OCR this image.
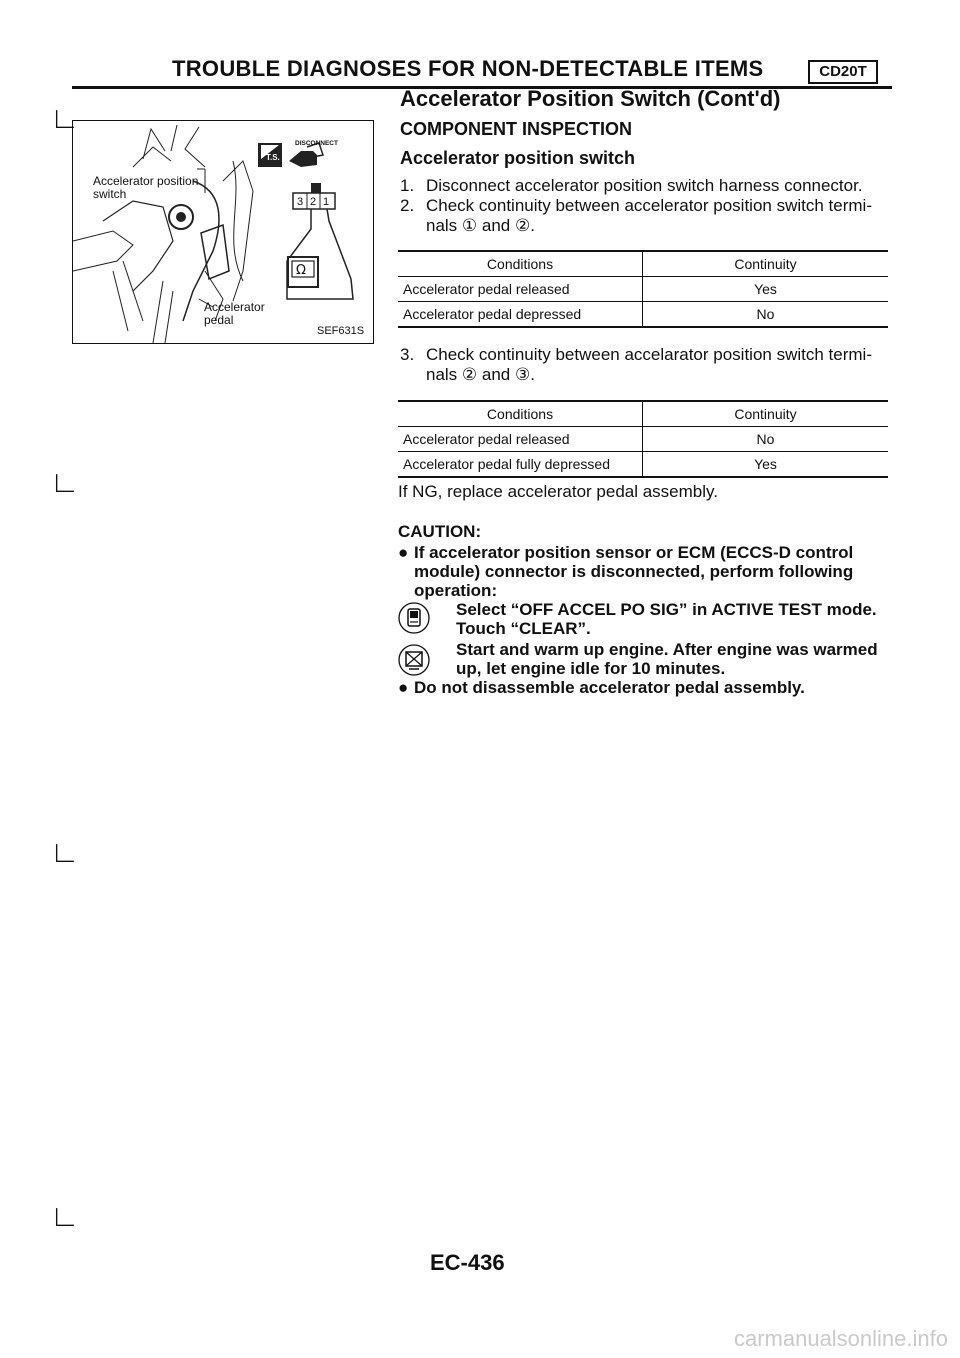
TROUBLE DIAGNOSES FOR NON-DETECTABLE ITEMS	CD20T
Accelerator Position Switch (Cont'd)
COMPONENT INSPECTION
Accelerator position switch
1. Disconnect accelerator position switch harness connector.
2. Check continuity between accelerator position switch termi-
nals ① and ②.
Conditions	Continuity
Accelerator pedal released	Yes
Accelerator pedal depressed	No
3. Check continuity between accelarator position switch termi-
nals ② and ③.
Conditions	Continuity
Accelerator pedal released	No
Accelerator pedal fully depressed	Yes
If NG, replace accelerator pedal assembly.
CAUTION:
● If accelerator position sensor or ECM (ECCS-D control
module) connector is disconnected, perform following
operation:
Select “OFF ACCEL PO SIG” in ACTIVE TEST mode.
Touch “CLEAR”.
Start and warm up engine. After engine was warmed
up, let engine idle for 10 minutes.
● Do not disassemble accelerator pedal assembly.
T.S.
DISCONNECT
3 2 1
Ω
Accelerator position
switch
Accelerator
pedal
SEF631S
∟
∟
∟
∟
EC-436
carmanualsonline.info
